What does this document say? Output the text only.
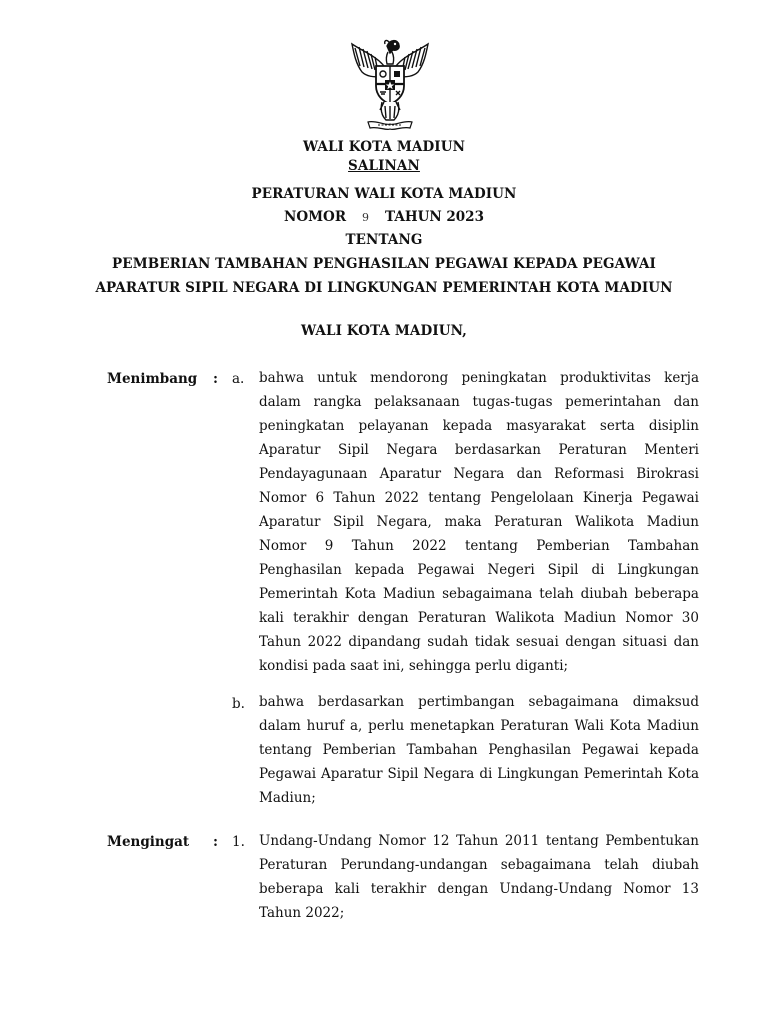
WALI KOTA MADIUN
SALINAN
PERATURAN WALI KOTA MADIUN
NOMOR 9 TAHUN 2023
TENTANG
PEMBERIAN TAMBAHAN PENGHASILAN PEGAWAI KEPADA PEGAWAI
APARATUR SIPIL NEGARA DI LINGKUNGAN PEMERINTAH KOTA MADIUN
WALI KOTA MADIUN,
Menimbang : a. bahwa untuk mendorong peningkatan produktivitas kerja dalam rangka pelaksanaan tugas-tugas pemerintahan dan peningkatan pelayanan kepada masyarakat serta disiplin Aparatur Sipil Negara berdasarkan Peraturan Menteri Pendayagunaan Aparatur Negara dan Reformasi Birokrasi Nomor 6 Tahun 2022 tentang Pengelolaan Kinerja Pegawai Aparatur Sipil Negara, maka Peraturan Walikota Madiun Nomor 9 Tahun 2022 tentang Pemberian Tambahan Penghasilan kepada Pegawai Negeri Sipil di Lingkungan Pemerintah Kota Madiun sebagaimana telah diubah beberapa kali terakhir dengan Peraturan Walikota Madiun Nomor 30 Tahun 2022 dipandang sudah tidak sesuai dengan situasi dan kondisi pada saat ini, sehingga perlu diganti;
b. bahwa berdasarkan pertimbangan sebagaimana dimaksud dalam huruf a, perlu menetapkan Peraturan Wali Kota Madiun tentang Pemberian Tambahan Penghasilan Pegawai kepada Pegawai Aparatur Sipil Negara di Lingkungan Pemerintah Kota Madiun;
Mengingat : 1. Undang-Undang Nomor 12 Tahun 2011 tentang Pembentukan Peraturan Perundang-undangan sebagaimana telah diubah beberapa kali terakhir dengan Undang-Undang Nomor 13 Tahun 2022;
